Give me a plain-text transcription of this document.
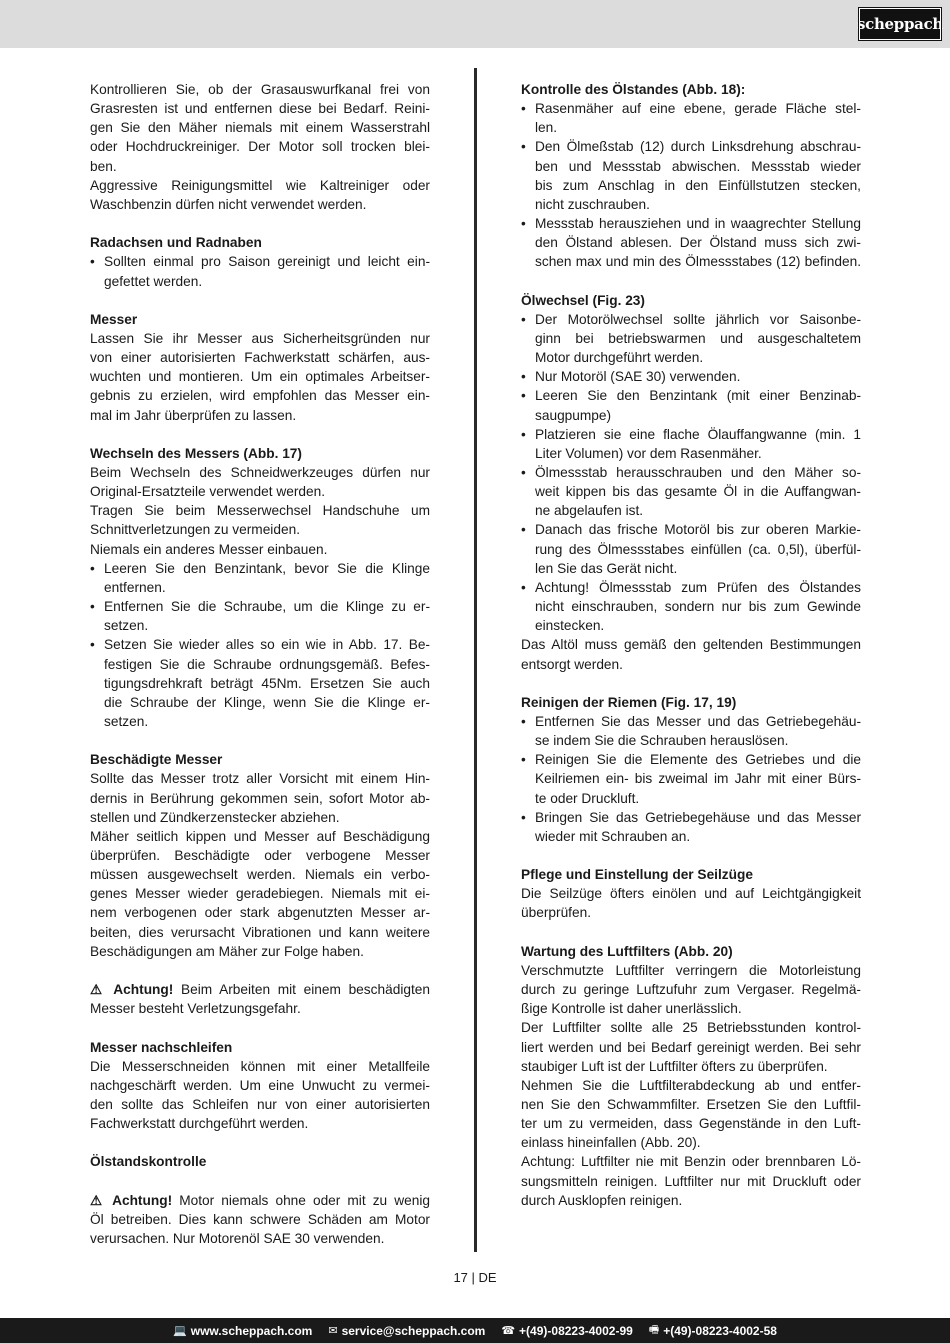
scheppach
Kontrollieren Sie, ob der Grasauswurfkanal frei von
Grasresten ist und entfernen diese bei Bedarf. Reini-
gen Sie den Mäher niemals mit einem Wasserstrahl
oder Hochdruckreiniger. Der Motor soll trocken blei-
ben.
Aggressive Reinigungsmittel wie Kaltreiniger oder
Waschbenzin dürfen nicht verwendet werden.
Radachsen und Radnaben
• Sollten einmal pro Saison gereinigt und leicht ein-
gefettet werden.
Messer
Lassen Sie ihr Messer aus Sicherheitsgründen nur
von einer autorisierten Fachwerkstatt schärfen, aus-
wuchten und montieren. Um ein optimales Arbeitser-
gebnis zu erzielen, wird empfohlen das Messer ein-
mal im Jahr überprüfen zu lassen.
Wechseln des Messers (Abb. 17)
Beim Wechseln des Schneidwerkzeuges dürfen nur
Original-Ersatzteile verwendet werden.
Tragen Sie beim Messerwechsel Handschuhe um
Schnittverletzungen zu vermeiden.
Niemals ein anderes Messer einbauen.
• Leeren Sie den Benzintank, bevor Sie die Klinge
entfernen.
• Entfernen Sie die Schraube, um die Klinge zu er-
setzen.
• Setzen Sie wieder alles so ein wie in Abb. 17. Be-
festigen Sie die Schraube ordnungsgemäß. Befes-
tigungsdrehkraft beträgt 45Nm. Ersetzen Sie auch
die Schraube der Klinge, wenn Sie die Klinge er-
setzen.
Beschädigte Messer
Sollte das Messer trotz aller Vorsicht mit einem Hin-
dernis in Berührung gekommen sein, sofort Motor ab-
stellen und Zündkerzenstecker abziehen.
Mäher seitlich kippen und Messer auf Beschädigung
überprüfen. Beschädigte oder verbogene Messer
müssen ausgewechselt werden. Niemals ein verbo-
genes Messer wieder geradebiegen. Niemals mit ei-
nem verbogenen oder stark abgenutzten Messer ar-
beiten, dies verursacht Vibrationen und kann weitere
Beschädigungen am Mäher zur Folge haben.
⚠ Achtung! Beim Arbeiten mit einem beschädigten
Messer besteht Verletzungsgefahr.
Messer nachschleifen
Die Messerschneiden können mit einer Metallfeile
nachgeschärft werden. Um eine Unwucht zu vermei-
den sollte das Schleifen nur von einer autorisierten
Fachwerkstatt durchgeführt werden.
Ölstandskontrolle
⚠ Achtung! Motor niemals ohne oder mit zu wenig
Öl betreiben. Dies kann schwere Schäden am Motor
verursachen. Nur Motorenöl SAE 30 verwenden.
Kontrolle des Ölstandes (Abb. 18):
• Rasenmäher auf eine ebene, gerade Fläche stel-
len.
• Den Ölmeßstab (12) durch Linksdrehung abschrau-
ben und Messstab abwischen. Messstab wieder
bis zum Anschlag in den Einfüllstutzen stecken,
nicht zuschrauben.
• Messstab herausziehen und in waagrechter Stellung
den Ölstand ablesen. Der Ölstand muss sich zwi-
schen max und min des Ölmessstabes (12) befinden.
Ölwechsel (Fig. 23)
• Der Motorölwechsel sollte jährlich vor Saisonbe-
ginn bei betriebswarmen und ausgeschaltetem
Motor durchgeführt werden.
• Nur Motoröl (SAE 30) verwenden.
• Leeren Sie den Benzintank (mit einer Benzinab-
saugpumpe)
• Platzieren sie eine flache Ölauffangwanne (min. 1
Liter Volumen) vor dem Rasenmäher.
• Ölmessstab herausschrauben und den Mäher so-
weit kippen bis das gesamte Öl in die Auffangwan-
ne abgelaufen ist.
• Danach das frische Motoröl bis zur oberen Markie-
rung des Ölmessstabes einfüllen (ca. 0,5l), überfül-
len Sie das Gerät nicht.
• Achtung! Ölmessstab zum Prüfen des Ölstandes
nicht einschrauben, sondern nur bis zum Gewinde
einstecken.
Das Altöl muss gemäß den geltenden Bestimmungen
entsorgt werden.
Reinigen der Riemen (Fig. 17, 19)
• Entfernen Sie das Messer und das Getriebegehäu-
se indem Sie die Schrauben herauslösen.
• Reinigen Sie die Elemente des Getriebes und die
Keilriemen ein- bis zweimal im Jahr mit einer Bürs-
te oder Druckluft.
• Bringen Sie das Getriebegehäuse und das Messer
wieder mit Schrauben an.
Pflege und Einstellung der Seilzüge
Die Seilzüge öfters einölen und auf Leichtgängigkeit
überprüfen.
Wartung des Luftfilters (Abb. 20)
Verschmutzte Luftfilter verringern die Motorleistung
durch zu geringe Luftzufuhr zum Vergaser. Regelmä-
ßige Kontrolle ist daher unerlässlich.
Der Luftfilter sollte alle 25 Betriebsstunden kontrol-
liert werden und bei Bedarf gereinigt werden. Bei sehr
staubiger Luft ist der Luftfilter öfters zu überprüfen.
Nehmen Sie die Luftfilterabdeckung ab und entfer-
nen Sie den Schwammfilter. Ersetzen Sie den Luftfil-
ter um zu vermeiden, dass Gegenstände in den Luft-
einlass hineinfallen (Abb. 20).
Achtung: Luftfilter nie mit Benzin oder brennbaren Lö-
sungsmitteln reinigen. Luftfilter nur mit Druckluft oder
durch Ausklopfen reinigen.
17 | DE
💻 www.scheppach.com ✉ service@scheppach.com ☎ +(49)-08223-4002-99 🖷 +(49)-08223-4002-58
